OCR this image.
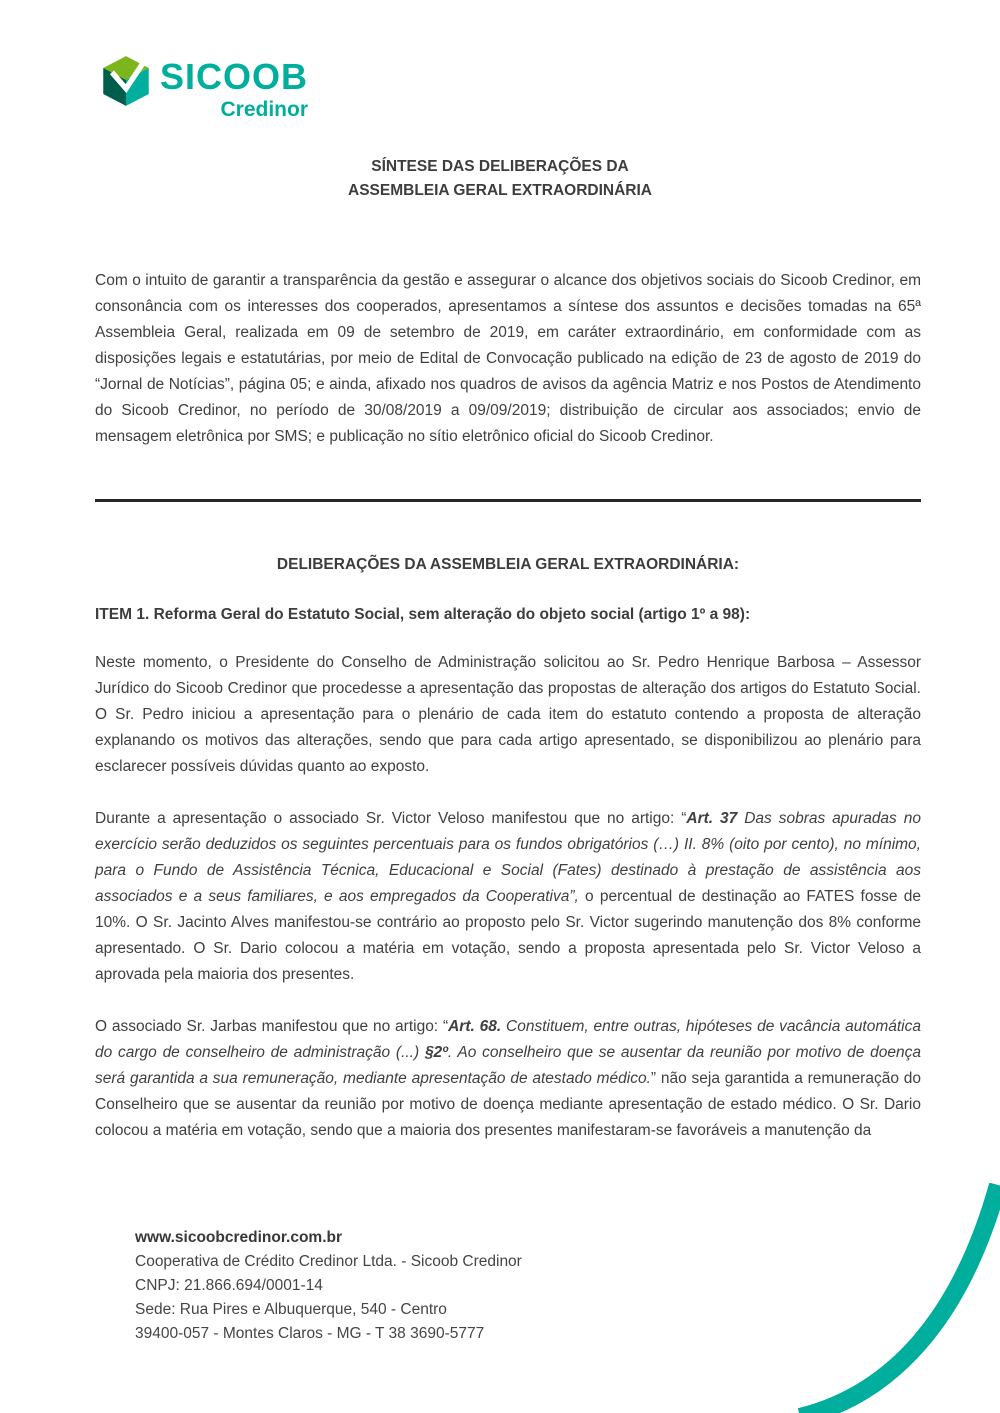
SICOOB
Credinor
SÍNTESE DAS DELIBERAÇÕES DA
ASSEMBLEIA GERAL EXTRAORDINÁRIA

Com o intuito de garantir a transparência da gestão e assegurar o alcance dos objetivos sociais do Sicoob Credinor, em consonância com os interesses dos cooperados, apresentamos a síntese dos assuntos e decisões tomadas na 65ª Assembleia Geral, realizada em 09 de setembro de 2019, em caráter extraordinário, em conformidade com as disposições legais e estatutárias, por meio de Edital de Convocação publicado na edição de 23 de agosto de 2019 do “Jornal de Notícias”, página 05; e ainda, afixado nos quadros de avisos da agência Matriz e nos Postos de Atendimento do Sicoob Credinor, no período de 30/08/2019 a 09/09/2019; distribuição de circular aos associados; envio de mensagem eletrônica por SMS; e publicação no sítio eletrônico oficial do Sicoob Credinor.

DELIBERAÇÕES DA ASSEMBLEIA GERAL EXTRAORDINÁRIA:
ITEM 1. Reforma Geral do Estatuto Social, sem alteração do objeto social (artigo 1º a 98):

Neste momento, o Presidente do Conselho de Administração solicitou ao Sr. Pedro Henrique Barbosa – Assessor Jurídico do Sicoob Credinor que procedesse a apresentação das propostas de alteração dos artigos do Estatuto Social. O Sr. Pedro iniciou a apresentação para o plenário de cada item do estatuto contendo a proposta de alteração explanando os motivos das alterações, sendo que para cada artigo apresentado, se disponibilizou ao plenário para esclarecer possíveis dúvidas quanto ao exposto.

Durante a apresentação o associado Sr. Victor Veloso manifestou que no artigo: “Art. 37 Das sobras apuradas no exercício serão deduzidos os seguintes percentuais para os fundos obrigatórios (…) II. 8% (oito por cento), no mínimo, para o Fundo de Assistência Técnica, Educacional e Social (Fates) destinado à prestação de assistência aos associados e a seus familiares, e aos empregados da Cooperativa”, o percentual de destinação ao FATES fosse de 10%. O Sr. Jacinto Alves manifestou-se contrário ao proposto pelo Sr. Victor sugerindo manutenção dos 8% conforme apresentado. O Sr. Dario colocou a matéria em votação, sendo a proposta apresentada pelo Sr. Victor Veloso a aprovada pela maioria dos presentes.

O associado Sr. Jarbas manifestou que no artigo: “Art. 68. Constituem, entre outras, hipóteses de vacância automática do cargo de conselheiro de administração (...) §2º. Ao conselheiro que se ausentar da reunião por motivo de doença será garantida a sua remuneração, mediante apresentação de atestado médico.” não seja garantida a remuneração do Conselheiro que se ausentar da reunião por motivo de doença mediante apresentação de estado médico. O Sr. Dario colocou a matéria em votação, sendo que a maioria dos presentes manifestaram-se favoráveis a manutenção da

www.sicoobcredinor.com.br
Cooperativa de Crédito Credinor Ltda. - Sicoob Credinor
CNPJ: 21.866.694/0001-14
Sede: Rua Pires e Albuquerque, 540 - Centro
39400-057 - Montes Claros - MG - T 38 3690-5777
